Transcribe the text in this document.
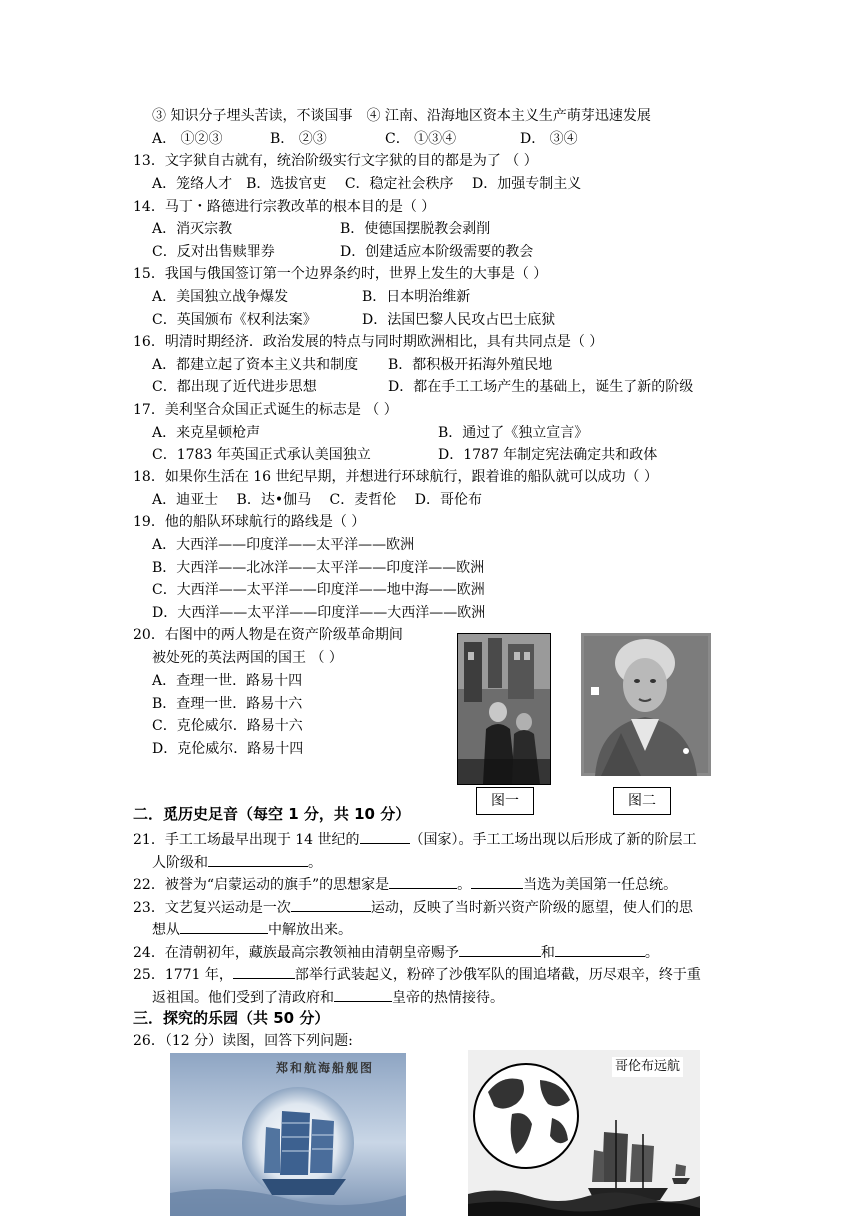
③ 知识分子埋头苦读，不谈国事　④ 江南、沿海地区资本主义生产萌芽迅速发展
A． ①②③	B． ②③	C． ①③④	D． ③④
13．文字狱自古就有，统治阶级实行文字狱的目的都是为了 （ ）
A．笼络人才　B．选拔官吏　 C．稳定社会秩序　 D．加强专制主义
14．马丁・路德进行宗教改革的根本目的是（ ）
A．消灭宗教	B．使德国摆脱教会剥削
C．反对出售赎罪券	D．创建适应本阶级需要的教会
15．我国与俄国签订第一个边界条约时，世界上发生的大事是（ ）
A．美国独立战争爆发	B．日本明治维新
C．英国颁布《权利法案》	D．法国巴黎人民攻占巴士底狱
16．明清时期经济．政治发展的特点与同时期欧洲相比，具有共同点是（ ）
A．都建立起了资本主义共和制度 B．都积极开拓海外殖民地
C．都出现了近代进步思想	D．都在手工工场产生的基础上，诞生了新的阶级
17．美利坚合众国正式诞生的标志是 （ ）
A．来克星顿枪声	B．通过了《独立宣言》
C．1783 年英国正式承认美国独立	D．1787 年制定宪法确定共和政体
18．如果你生活在 16 世纪早期，并想进行环球航行，跟着谁的船队就可以成功（ ）
A．迪亚士　 B．达•伽马　 C．麦哲伦　 D．哥伦布
19．他的船队环球航行的路线是（ ）
A．大西洋——印度洋——太平洋——欧洲
B．大西洋——北冰洋——太平洋——印度洋——欧洲
C．大西洋——太平洋——印度洋——地中海——欧洲
D．大西洋——太平洋——印度洋——大西洋——欧洲
20．右图中的两人物是在资产阶级革命期间
被处死的英法两国的国王 （ ）
A．查理一世．路易十四
B．查理一世．路易十六
C．克伦威尔．路易十六
D．克伦威尔．路易十四
图一	图二
二．觅历史足音（每空 1 分，共 10 分）
21．手工工场最早出现于 14 世纪的	（国家）。手工工场出现以后形成了新的阶层工
人阶级和	。
22．被誉为“启蒙运动的旗手”的思想家是	。	当选为美国第一任总统。
23．文艺复兴运动是一次	运动，反映了当时新兴资产阶级的愿望，使人们的思
想从	中解放出来。
24．在清朝初年，藏族最高宗教领袖由清朝皇帝赐予	和	。
25．1771 年，	部举行武装起义，粉碎了沙俄军队的围追堵截，历尽艰辛，终于重
返祖国。他们受到了清政府和	皇帝的热情接待。
三．探究的乐园（共 50 分）
26．（12 分）读图，回答下列问题:
郑和航海船舰图	哥伦布远航
